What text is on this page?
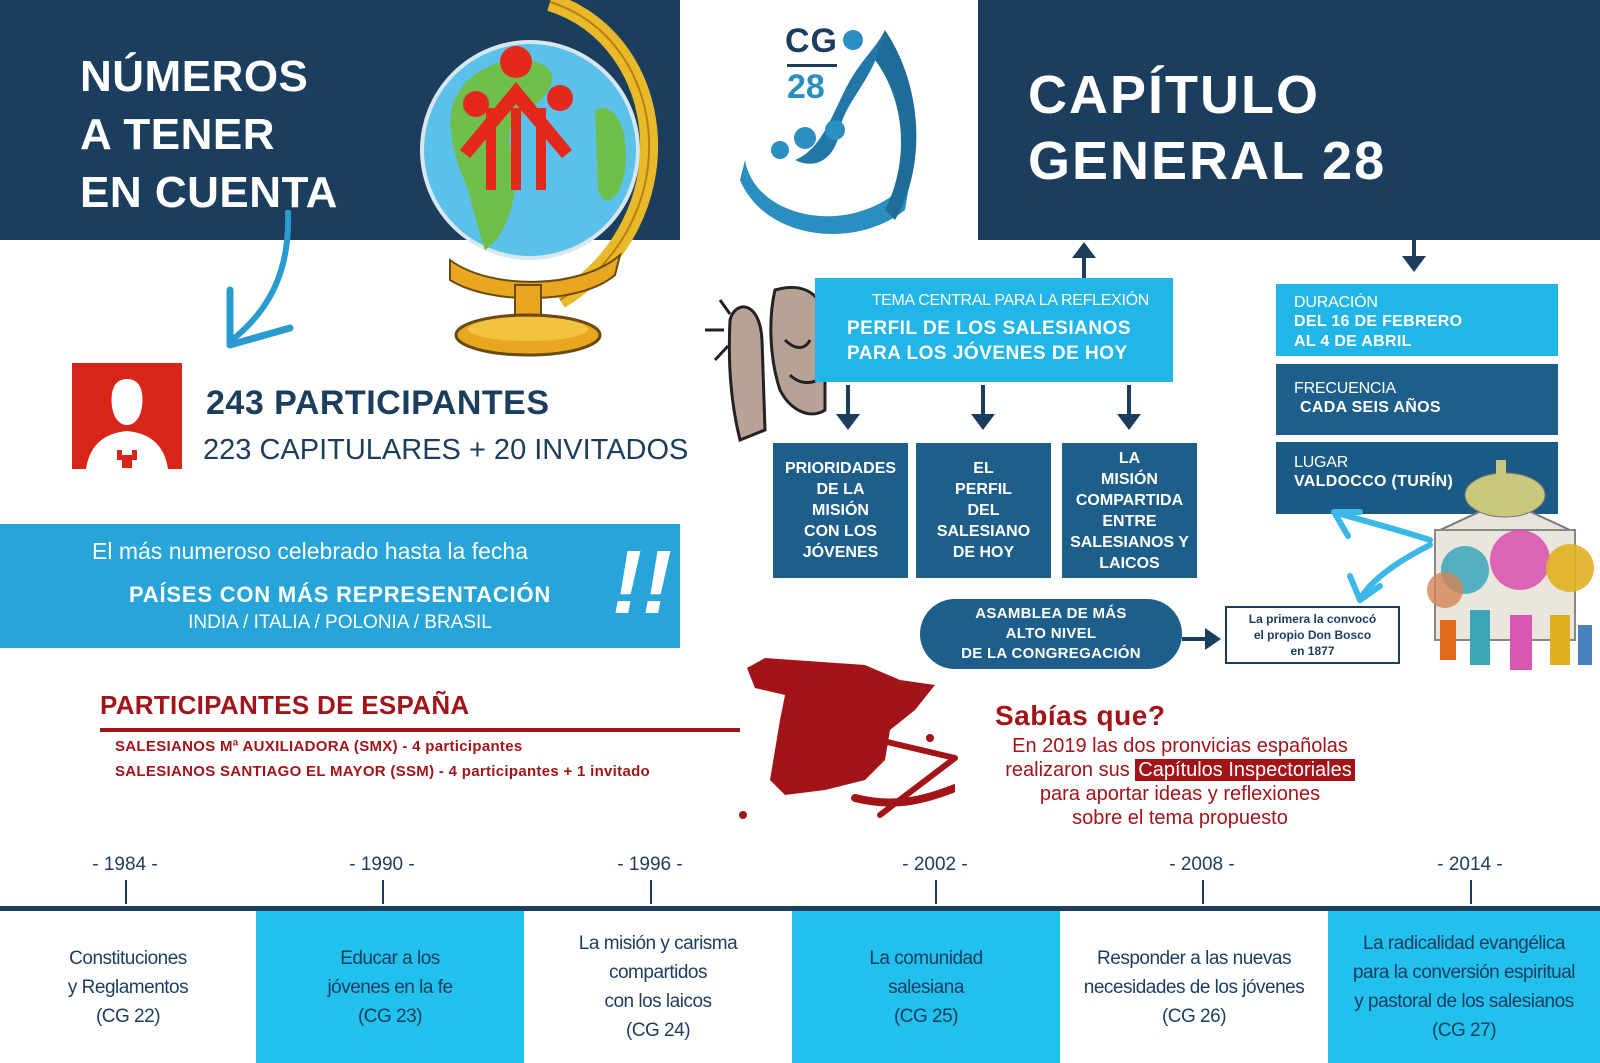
NÚMEROS
A TENER
EN CUENTA
CG
28	CAPÍTULO
GENERAL 28
TEMA CENTRAL PARA LA REFLEXIÓN
PERFIL DE LOS SALESIANOS
PARA LOS JÓVENES DE HOY
PRIORIDADES
DE LA
MISIÓN
CON LOS
JÓVENES
EL
PERFIL
DEL
SALESIANO
DE HOY
LA
MISIÓN
COMPARTIDA
ENTRE
SALESIANOS Y
LAICOS
DURACIÓN
DEL 16 DE FEBRERO
AL 4 DE ABRIL
FRECUENCIA
CADA SEIS AÑOS
LUGAR
VALDOCCO (TURÍN)
ASAMBLEA DE MÁS
ALTO NIVEL
DE LA CONGREGACIÓN
La primera la convocó
el propio Don Bosco
en 1877
243 PARTICIPANTES
223 CAPITULARES + 20 INVITADOS
El más numeroso celebrado hasta la fecha
PAÍSES CON MÁS REPRESENTACIÓN
INDIA / ITALIA / POLONIA / BRASIL	!!
PARTICIPANTES DE ESPAÑA
SALESIANOS Mª AUXILIADORA (SMX) - 4 participantes
SALESIANOS SANTIAGO EL MAYOR (SSM) - 4 participantes + 1 invitado
Sabías que?
En 2019 las dos pronvicias españolas
realizaron sus Capítulos Inspectoriales
para aportar ideas y reflexiones
sobre el tema propuesto
- 1984 -	- 1990 -	- 1996 -	- 2002 -	- 2008 -	- 2014 -
Constituciones
y Reglamentos
(CG 22)
Educar a los
jóvenes en la fe
(CG 23)
La misión y carisma
compartidos
con los laicos
(CG 24)
La comunidad
salesiana
(CG 25)
Responder a las nuevas
necesidades de los jóvenes
(CG 26)
La radicalidad evangélica
para la conversión espiritual
y pastoral de los salesianos
(CG 27)
